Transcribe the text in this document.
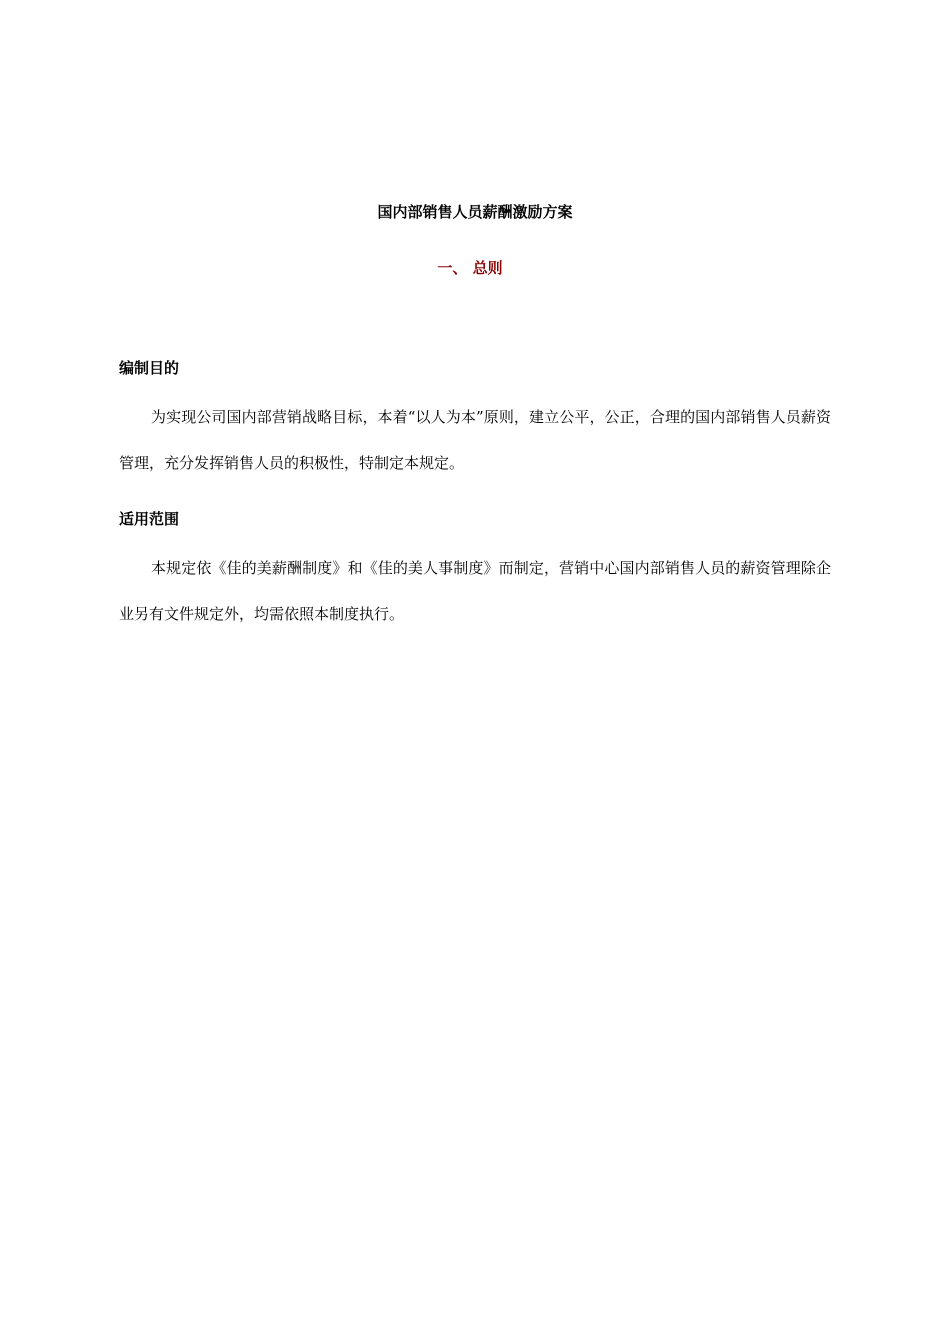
国内部销售人员薪酬激励方案
一、 总则
编制目的
为实现公司国内部营销战略目标，本着“以人为本”原则，建立公平，公正，合理的国内部销售人员薪资管理，充分发挥销售人员的积极性，特制定本规定。
适用范围
本规定依《佳的美薪酬制度》和《佳的美人事制度》而制定，营销中心国内部销售人员的薪资管理除企业另有文件规定外，均需依照本制度执行。
